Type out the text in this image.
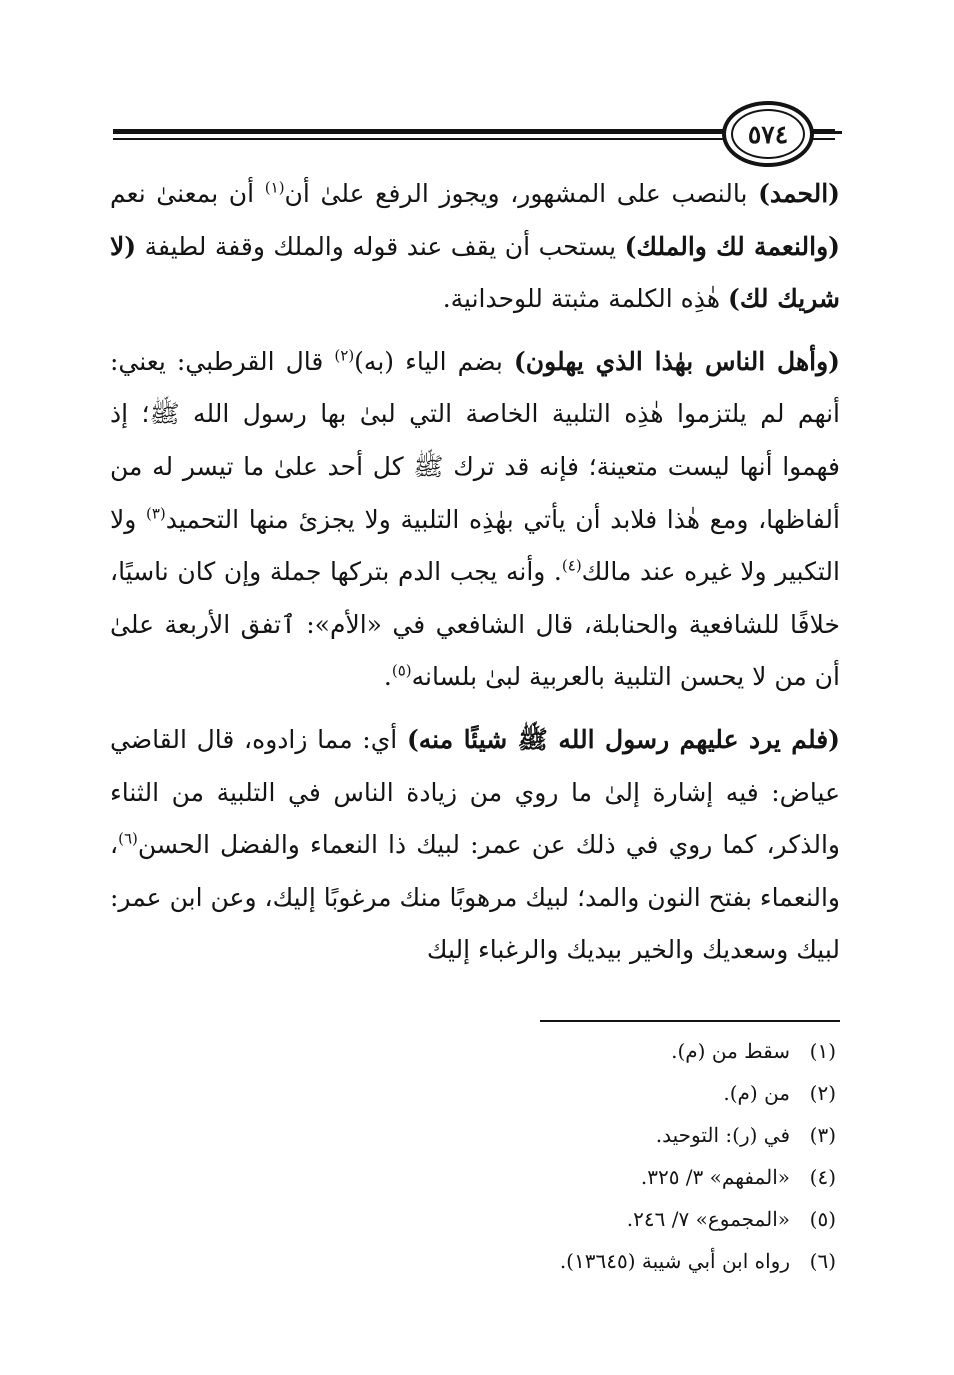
٥٧٤

(الحمد) بالنصب على المشهور، ويجوز الرفع علىٰ أن$^{(١)}$ أن بمعنىٰ نعم (والنعمة لك والملك) يستحب أن يقف عند قوله والملك وقفة لطيفة (لا شريك لك) هٰذِه الكلمة مثبتة للوحدانية.

(وأهل الناس بهٰذا الذي يهلون) بضم الياء (به)$^{(٢)}$ قال القرطبي: يعني: أنهم لم يلتزموا هٰذِه التلبية الخاصة التي لبىٰ بها رسول الله ﷺ؛ إذ فهموا أنها ليست متعينة؛ فإنه قد ترك ﷺ كل أحد علىٰ ما تيسر له من ألفاظها، ومع هٰذا فلابد أن يأتي بهٰذِه التلبية ولا يجزئ منها التحميد$^{(٣)}$ ولا التكبير ولا غيره عند مالك$^{(٤)}$. وأنه يجب الدم بتركها جملة وإن كان ناسيًا، خلافًا للشافعية والحنابلة، قال الشافعي في «الأم»: ٱتفق الأربعة علىٰ أن من لا يحسن التلبية بالعربية لبىٰ بلسانه$^{(٥)}$.

(فلم يرد عليهم رسول الله ﷺ شيئًا منه) أي: مما زادوه، قال القاضي عياض: فيه إشارة إلىٰ ما روي من زيادة الناس في التلبية من الثناء والذكر، كما روي في ذلك عن عمر: لبيك ذا النعماء والفضل الحسن$^{(٦)}$، والنعماء بفتح النون والمد؛ لبيك مرهوبًا منك مرغوبًا إليك، وعن ابن عمر: لبيك وسعديك والخير بيديك والرغباء إليك

(١)سقط من (م).
(٢)من (م).
(٣)في (ر): التوحيد.
(٤)«المفهم» ٣/ ٣٢٥.
(٥)«المجموع» ٧/ ٢٤٦.
(٦)رواه ابن أبي شيبة (١٣٦٤٥).
